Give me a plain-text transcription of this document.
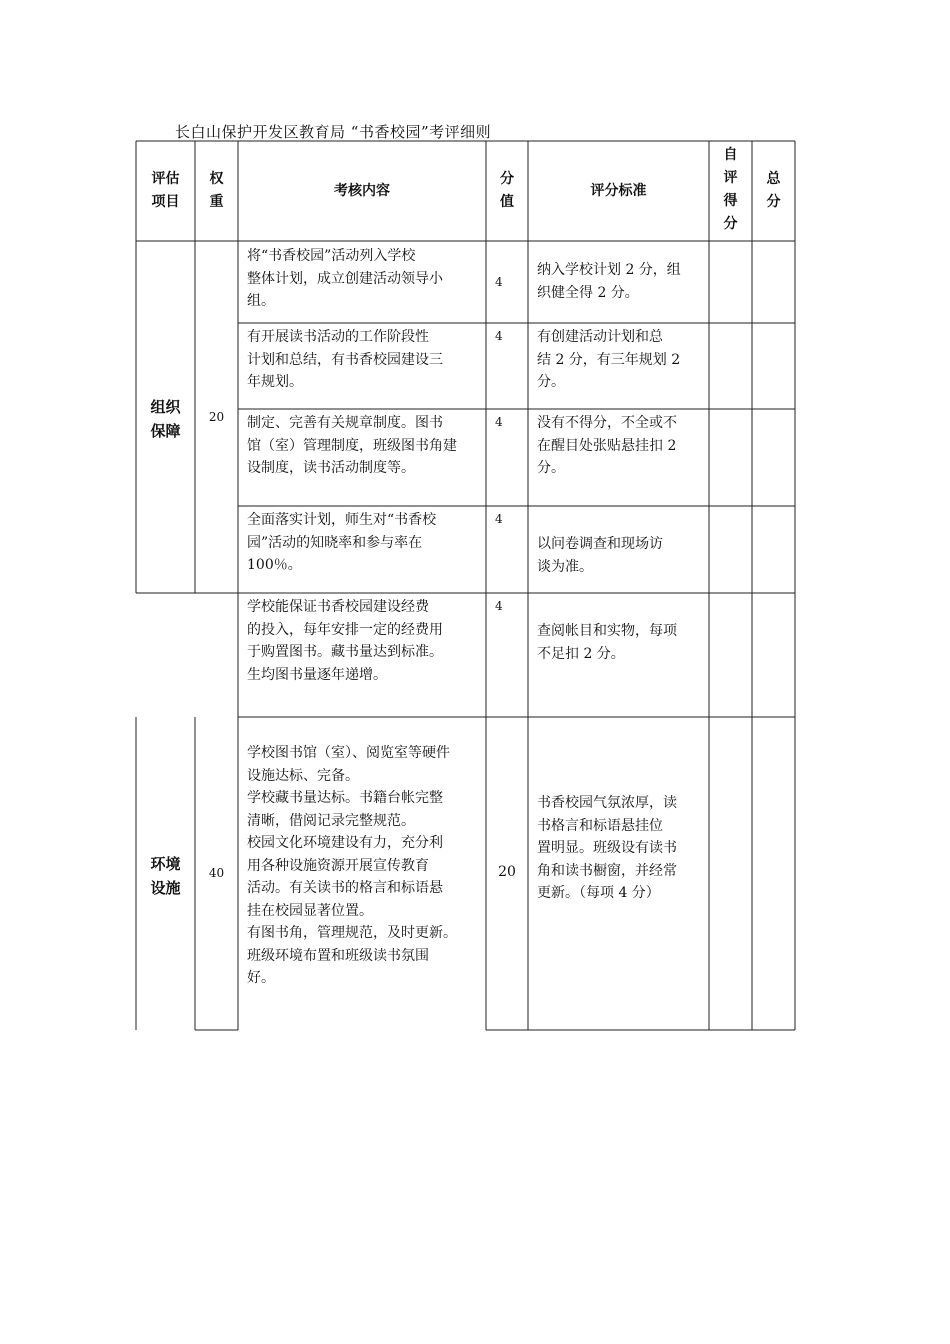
长白山保护开发区教育局 “书香校园”考评细则
评估
项目
权
重
考核内容
分
值
评分标准
自
评
得
分
总
分
组织
保障
20
将“书香校园”活动列入学校
整体计划，成立创建活动领导小
组。
4
纳入学校计划 2 分，组
织健全得 2 分。
有开展读书活动的工作阶段性
计划和总结，有书香校园建设三
年规划。
4 有创建活动计划和总
结 2 分，有三年规划 2
分。
制定、完善有关规章制度。图书
馆（室）管理制度，班级图书角建
设制度，读书活动制度等。
4 没有不得分，不全或不
在醒目处张贴悬挂扣 2
分。
全面落实计划，师生对“书香校
园”活动的知晓率和参与率在
100％。
4
以问卷调查和现场访
谈为准。
学校能保证书香校园建设经费
的投入，每年安排一定的经费用
于购置图书。藏书量达到标准。
生均图书量逐年递增。
4
查阅帐目和实物，每项
不足扣 2 分。
环境
设施
40
学校图书馆（室）、阅览室等硬件
设施达标、完备。
学校藏书量达标。书籍台帐完整
清晰，借阅记录完整规范。
校园文化环境建设有力，充分利
用各种设施资源开展宣传教育
活动。有关读书的格言和标语悬
挂在校园显著位置。
有图书角，管理规范，及时更新。
班级环境布置和班级读书氛围
好。
20
书香校园气氛浓厚，读
书格言和标语悬挂位
置明显。班级设有读书
角和读书橱窗，并经常
更新。（每项 4 分）
